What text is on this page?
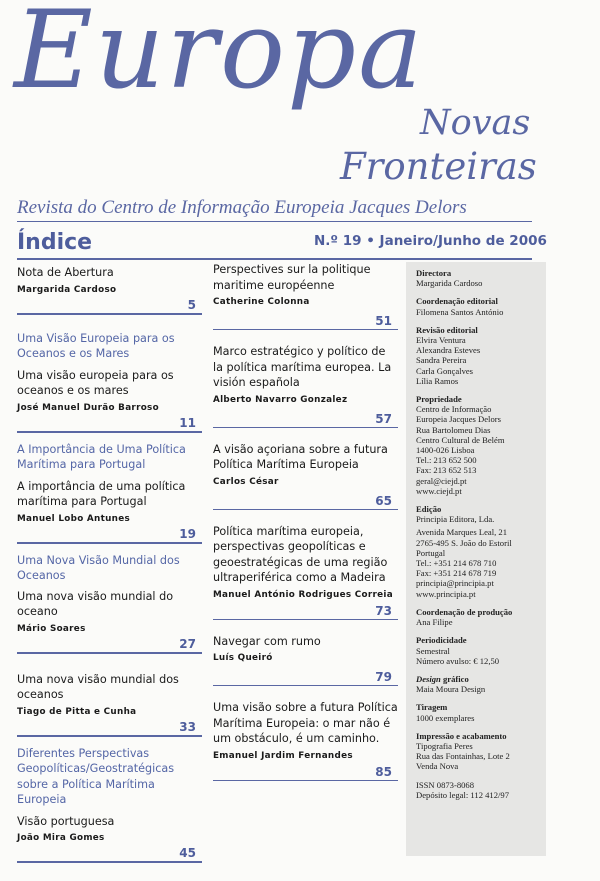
Europa
Novas
Fronteiras
Revista do Centro de Informação Europeia Jacques Delors
Índice	N.º 19 • Janeiro/Junho de 2006

Nota de Abertura

Margarida Cardoso

5

Uma Visão Europeia para os Oceanos e os Mares

Uma visão europeia para os oceanos e os mares

José Manuel Durão Barroso

11

A Importância de Uma Política Marítima para Portugal

A importância de uma política marítima para Portugal

Manuel Lobo Antunes

19

Uma Nova Visão Mundial dos Oceanos

Uma nova visão mundial do oceano

Mário Soares

27

Uma nova visão mundial dos oceanos

Tiago de Pitta e Cunha

33

Diferentes Perspectivas Geopolíticas/Geostratégicas sobre a Política Marítima Europeia

Visão portuguesa

João Mira Gomes

45

Perspectives sur la politique maritime européenne

Catherine Colonna

51

Marco estratégico y político de la política marítima europea. La visión española

Alberto Navarro Gonzalez

57

A visão açoriana sobre a futura Política Marítima Europeia

Carlos César

65

Política marítima europeia, perspectivas geopolíticas e geoestratégicas de uma região ultraperiférica como a Madeira

Manuel António Rodrigues Correia

73

Navegar com rumo

Luís Queiró

79

Uma visão sobre a futura Política Marítima Europeia: o mar não é um obstáculo, é um caminho.

Emanuel Jardim Fernandes

85

Directora

Margarida Cardoso

Coordenação editorial

Filomena Santos António

Revisão editorial

Elvira Ventura

Alexandra Esteves

Sandra Pereira

Carla Gonçalves

Lília Ramos

Propriedade

Centro de Informação

Europeia Jacques Delors

Rua Bartolomeu Dias

Centro Cultural de Belém

1400-026 Lisboa

Tel.: 213 652 500

Fax: 213 652 513

geral@ciejd.pt

www.ciejd.pt

Edição

Principia Editora, Lda.

Avenida Marques Leal, 21

2765-495 S. João do Estoril

Portugal

Tel.: +351 214 678 710

Fax: +351 214 678 719

principia@principia.pt

www.principia.pt

Coordenação de produção

Ana Filipe

Periodicidade

Semestral

Número avulso: € 12,50

Design gráfico

Maia Moura Design

Tiragem

1000 exemplares

Impressão e acabamento

Tipografia Peres

Rua das Fontainhas, Lote 2

Venda Nova

ISSN 0873-8068

Depósito legal: 112 412/97
